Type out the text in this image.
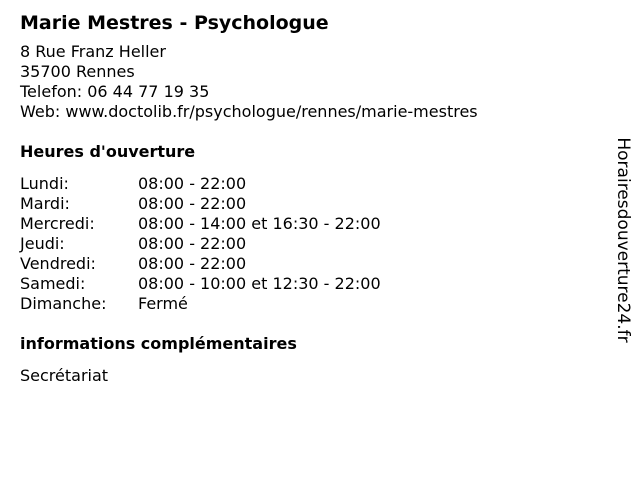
Marie Mestres - Psychologue
8 Rue Franz Heller
35700 Rennes
Telefon: 06 44 77 19 35
Web: www.doctolib.fr/psychologue/rennes/marie-mestres
Heures d'ouverture
Lundi:	08:00 - 22:00
Mardi:	08:00 - 22:00
Mercredi:	08:00 - 14:00 et 16:30 - 22:00
Jeudi:	08:00 - 22:00
Vendredi:	08:00 - 22:00
Samedi:	08:00 - 10:00 et 12:30 - 22:00
Dimanche:	Fermé
informations complémentaires
Secrétariat
Horairesdouverture24.fr
